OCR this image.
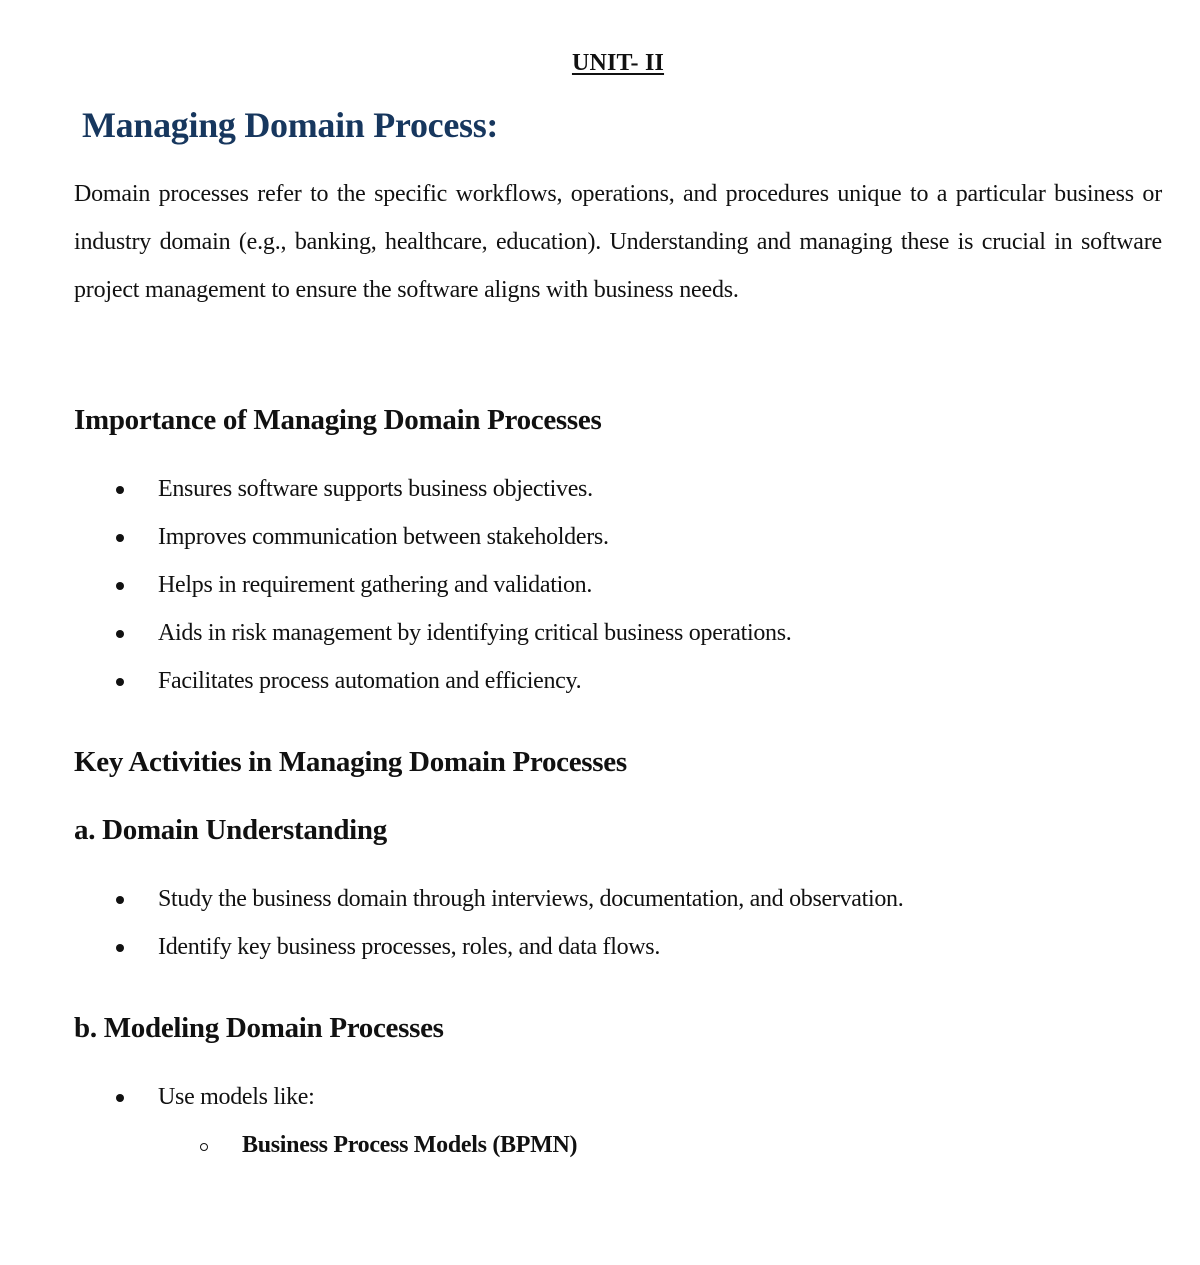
UNIT- II
Managing Domain Process:

Domain processes refer to the specific workflows, operations, and procedures unique to a particular business or industry domain (e.g., banking, healthcare, education). Understanding and managing these is crucial in software project management to ensure the software aligns with business needs.

Importance of Managing Domain Processes
Ensures software supports business objectives.
Improves communication between stakeholders.
Helps in requirement gathering and validation.
Aids in risk management by identifying critical business operations.
Facilitates process automation and efficiency.
Key Activities in Managing Domain Processes
a. Domain Understanding
Study the business domain through interviews, documentation, and observation.
Identify key business processes, roles, and data flows.
b. Modeling Domain Processes
Use models like:
Business Process Models (BPMN)
